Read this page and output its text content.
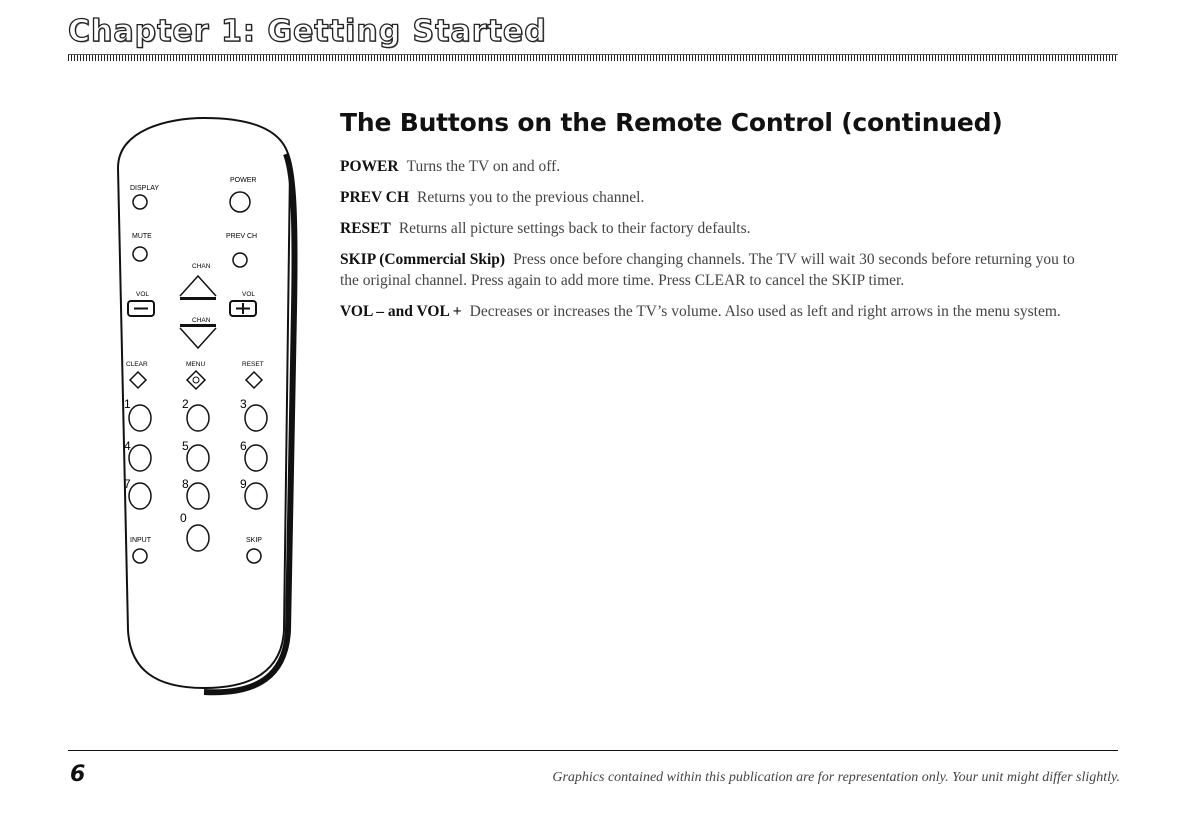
Chapter 1: Getting Started
DISPLAY
POWER
MUTE	PREV CH
CHAN
VOL	VOL
CHAN
CLEAR	MENU	RESET
1	2	3
4	5	6
7	8	9
0
INPUT	SKIP
The Buttons on the Remote Control (continued)

POWER Turns the TV on and off.

PREV CH Returns you to the previous channel.

RESET Returns all picture settings back to their factory defaults.

SKIP (Commercial Skip) Press once before changing channels. The TV will wait 30 seconds before returning you to the original channel. Press again to add more time. Press CLEAR to cancel the SKIP timer.

VOL – and VOL + Decreases or increases the TV’s volume. Also used as left and right arrows in the menu system.

6	Graphics contained within this publication are for representation only. Your unit might differ slightly.
